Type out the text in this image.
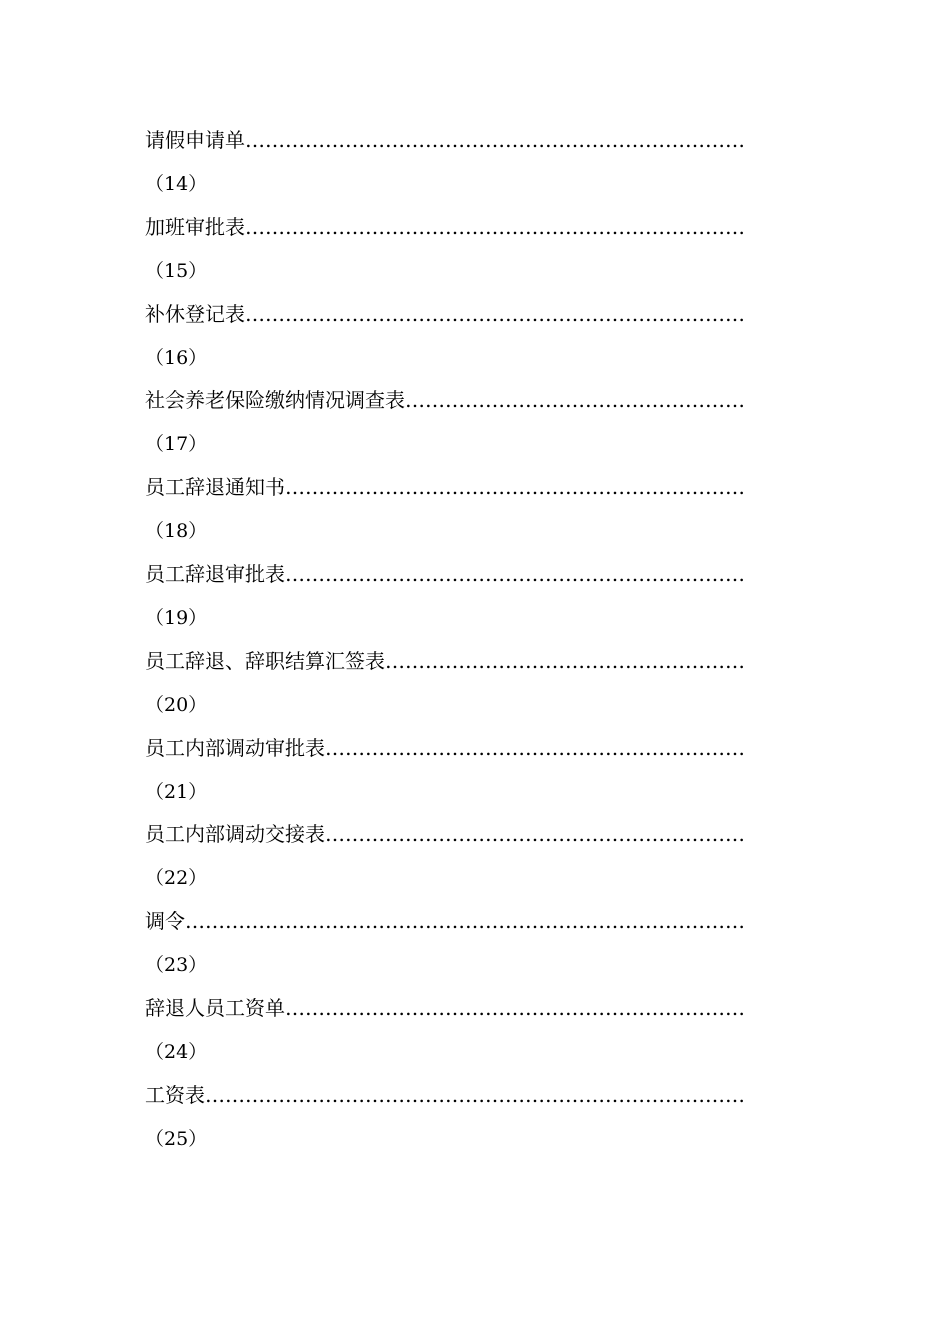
请假申请单
……………………………………………………………………………………………………………………………………………………………………
（14）
加班审批表
……………………………………………………………………………………………………………………………………………………………………
（15）
补休登记表
……………………………………………………………………………………………………………………………………………………………………
（16）
社会养老保险缴纳情况调查表
……………………………………………………………………………………………………………………………………………………………………
（17）
员工辞退通知书
……………………………………………………………………………………………………………………………………………………………………
（18）
员工辞退审批表
……………………………………………………………………………………………………………………………………………………………………
（19）
员工辞退、辞职结算汇签表
……………………………………………………………………………………………………………………………………………………………………
（20）
员工内部调动审批表
……………………………………………………………………………………………………………………………………………………………………
（21）
员工内部调动交接表
……………………………………………………………………………………………………………………………………………………………………
（22）
调令
……………………………………………………………………………………………………………………………………………………………………
（23）
辞退人员工资单
……………………………………………………………………………………………………………………………………………………………………
（24）
工资表
……………………………………………………………………………………………………………………………………………………………………
（25）
